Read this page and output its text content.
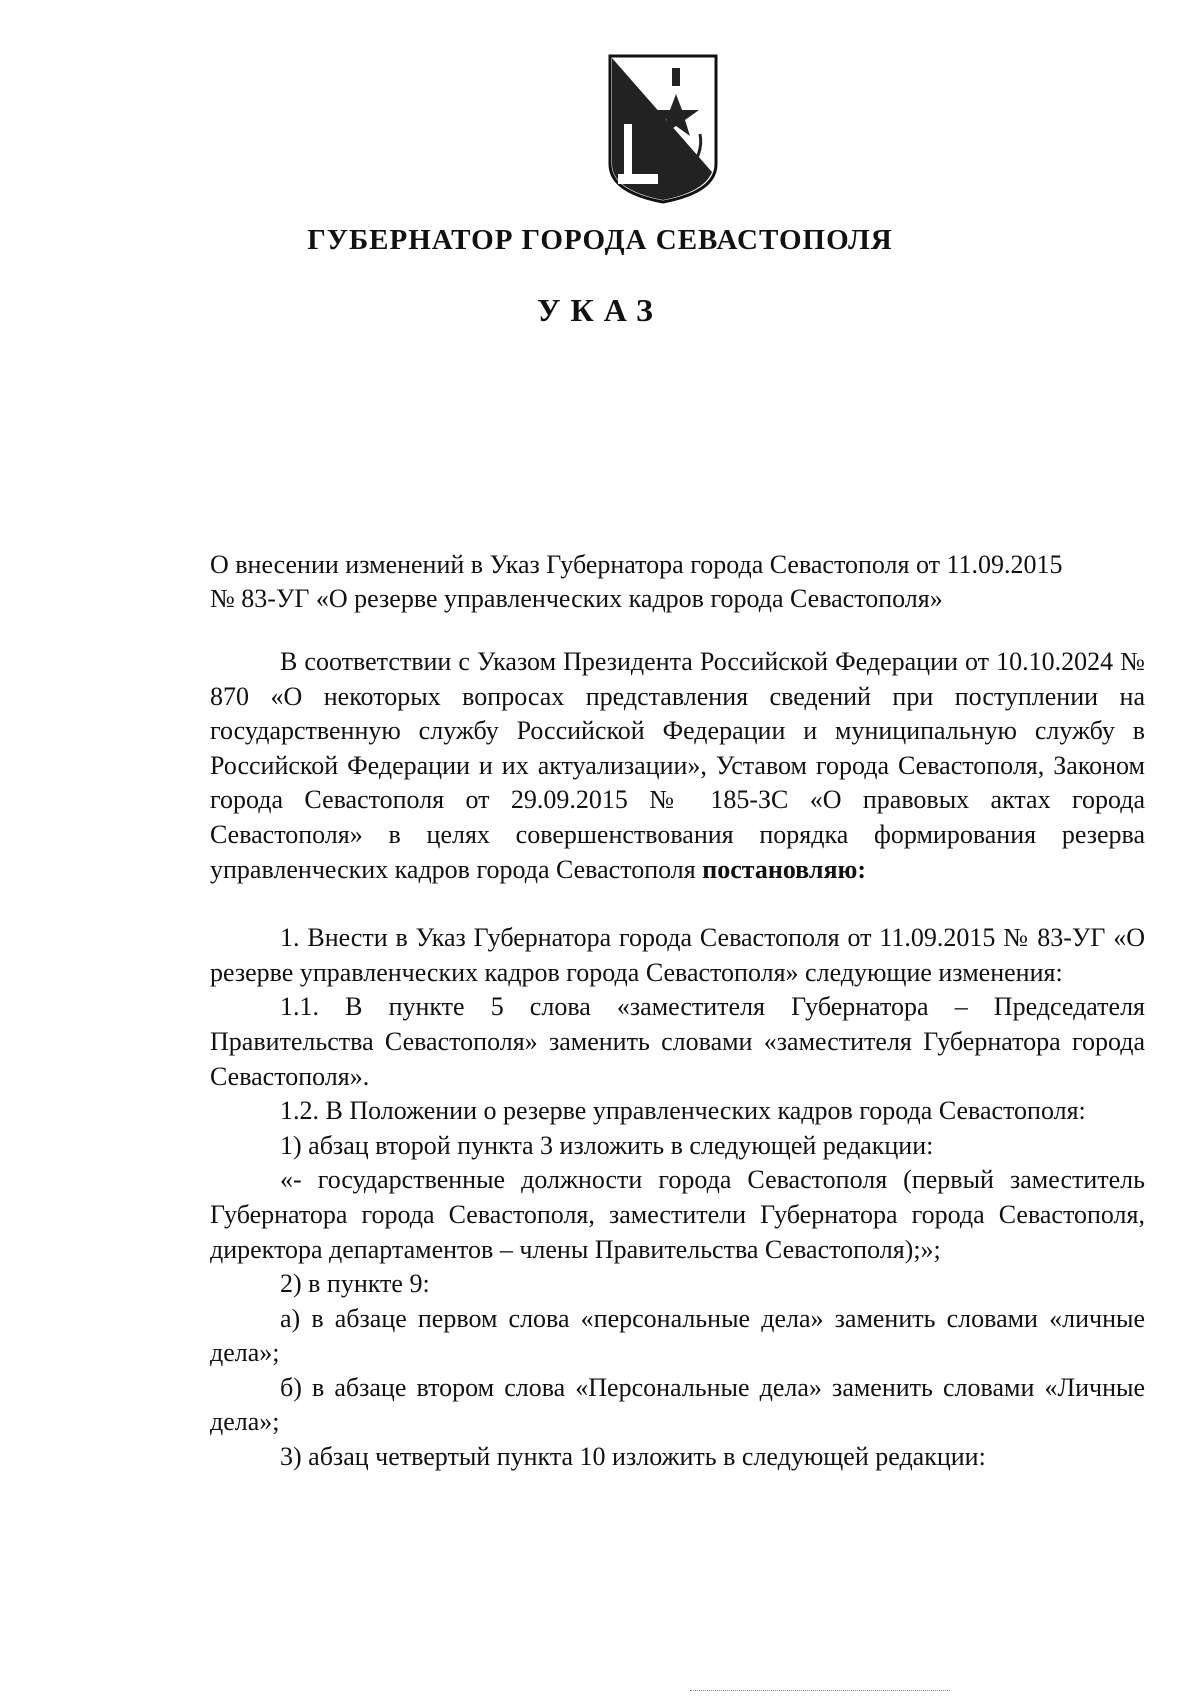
ГУБЕРНАТОР ГОРОДА СЕВАСТОПОЛЯ
УКАЗ
О внесении изменений в Указ Губернатора города Севастополя от 11.09.2015
№ 83-УГ «О резерве управленческих кадров города Севастополя»

В соответствии с Указом Президента Российской Федерации от 10.10.2024 № 870 «О некоторых вопросах представления сведений при поступлении на государственную службу Российской Федерации и муниципальную службу в Российской Федерации и их актуализации», Уставом города Севастополя, Законом города Севастополя от 29.09.2015 № 185-ЗС «О правовых актах города Севастополя» в целях совершенствования порядка формирования резерва управленческих кадров города Севастополя постановляю:

1. Внести в Указ Губернатора города Севастополя от 11.09.2015 № 83-УГ «О резерве управленческих кадров города Севастополя» следующие изменения:

1.1. В пункте 5 слова «заместителя Губернатора – Председателя Правительства Севастополя» заменить словами «заместителя Губернатора города Севастополя».

1.2. В Положении о резерве управленческих кадров города Севастополя:

1) абзац второй пункта 3 изложить в следующей редакции:

«- государственные должности города Севастополя (первый заместитель Губернатора города Севастополя, заместители Губернатора города Севастополя, директора департаментов – члены Правительства Севастополя);»;

2) в пункте 9:

а) в абзаце первом слова «персональные дела» заменить словами «личные дела»;

б) в абзаце втором слова «Персональные дела» заменить словами «Личные дела»;

3) абзац четвертый пункта 10 изложить в следующей редакции:
